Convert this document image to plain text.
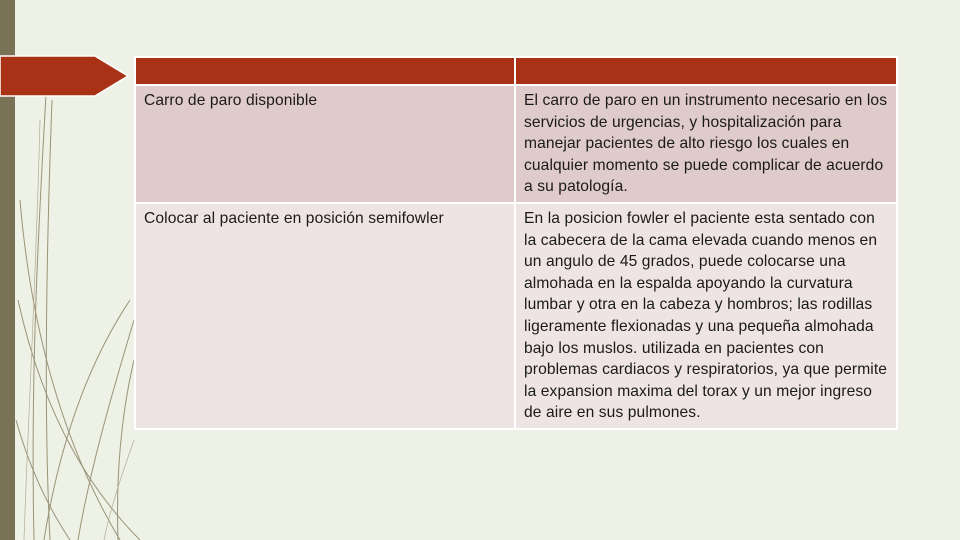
Carro de paro disponible	El carro de paro en un instrumento necesario en los servicios de urgencias, y hospitalización para manejar pacientes de alto riesgo los cuales en cualquier momento se puede complicar de acuerdo a su patología.
Colocar al paciente en posición semifowler	En la posicion fowler el paciente esta sentado con la cabecera de la cama elevada cuando menos en un angulo de 45 grados, puede colocarse una almohada en la espalda apoyando la curvatura lumbar y otra en la cabeza y hombros; las rodillas ligeramente flexionadas y una pequeña almohada bajo los muslos. utilizada en pacientes con problemas cardiacos y respiratorios, ya que permite la expansion maxima del torax y un mejor ingreso de aire en sus pulmones.
